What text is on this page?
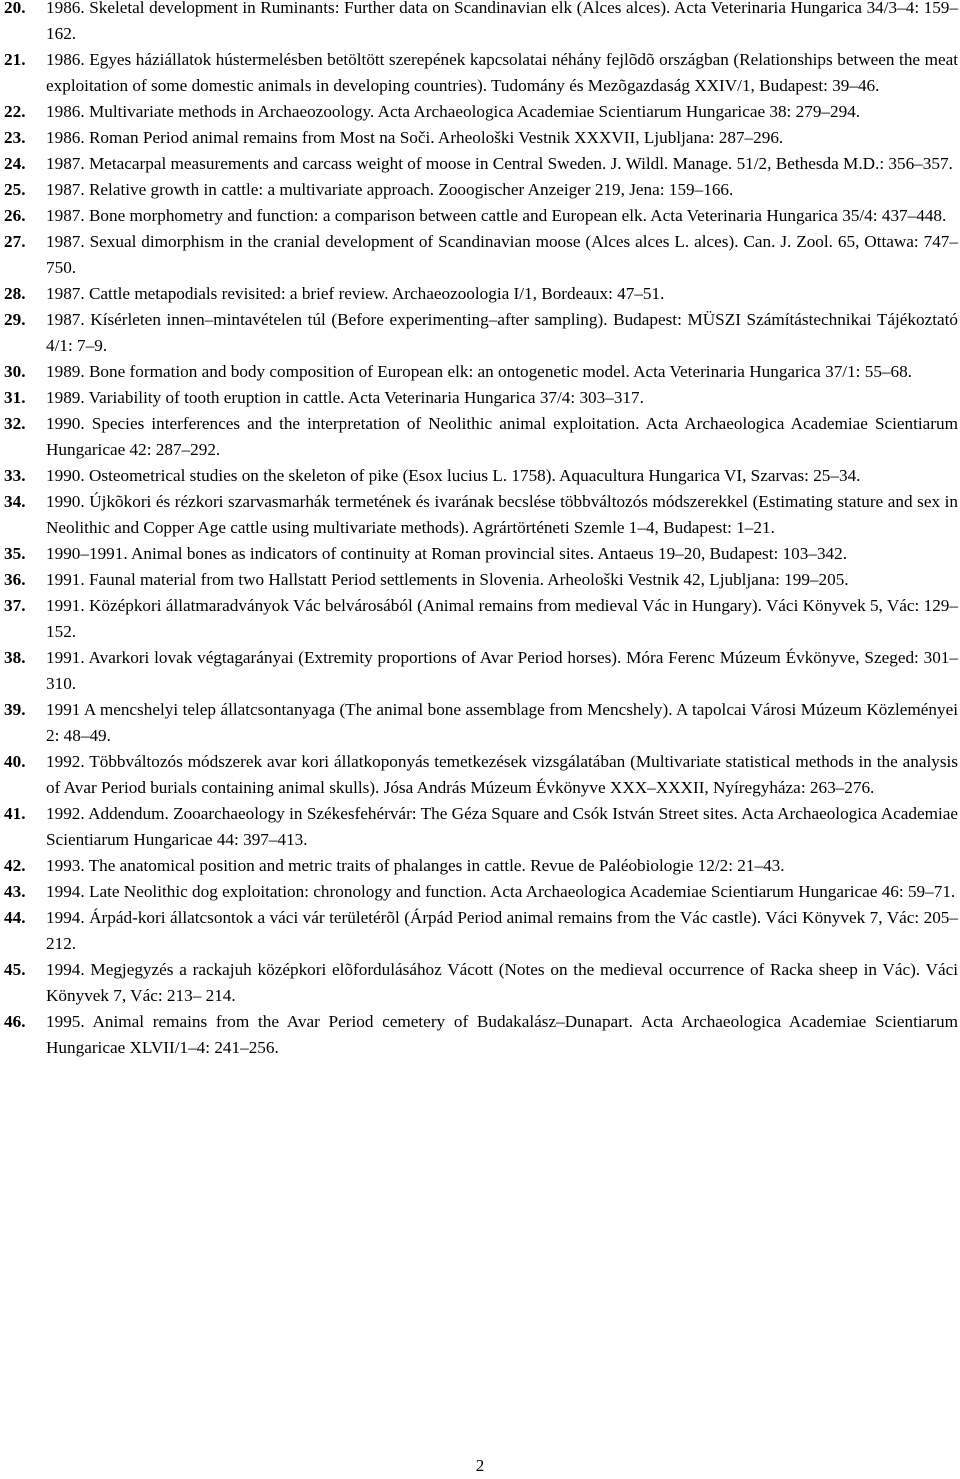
20.	1986. Skeletal development in Ruminants: Further data on Scandinavian elk (Alces alces). Acta Veterinaria Hungarica 34/3–4: 159–162.
21.	1986. Egyes háziállatok hústermelésben betöltött szerepének kapcsolatai néhány fejlõdõ országban (Relationships between the meat exploitation of some domestic animals in developing countries). Tudomány és Mezõgazdaság XXIV/1, Budapest: 39–46.
22.	1986. Multivariate methods in Archaeozoology. Acta Archaeologica Academiae Scientiarum Hungaricae 38: 279–294.
23.	1986. Roman Period animal remains from Most na Soči. Arheološki Vestnik XXXVII, Ljubljana: 287–296.
24.	1987. Metacarpal measurements and carcass weight of moose in Central Sweden. J. Wildl. Manage. 51/2, Bethesda M.D.: 356–357.
25.	1987. Relative growth in cattle: a multivariate approach. Zooogischer Anzeiger 219, Jena: 159–166.
26.	1987. Bone morphometry and function: a comparison between cattle and European elk. Acta Veterinaria Hungarica 35/4: 437–448.
27.	1987. Sexual dimorphism in the cranial development of Scandinavian moose (Alces alces L. alces). Can. J. Zool. 65, Ottawa: 747–750.
28.	1987. Cattle metapodials revisited: a brief review. Archaeozoologia I/1, Bordeaux: 47–51.
29.	1987. Kísérleten innen–mintavételen túl (Before experimenting–after sampling). Budapest: MÜSZI Számítástechnikai Tájékoztató 4/1: 7–9.
30.	1989. Bone formation and body composition of European elk: an ontogenetic model. Acta Veterinaria Hungarica 37/1: 55–68.
31.	1989. Variability of tooth eruption in cattle. Acta Veterinaria Hungarica 37/4: 303–317.
32.	1990. Species interferences and the interpretation of Neolithic animal exploitation. Acta Archaeologica Academiae Scientiarum Hungaricae 42: 287–292.
33.	1990. Osteometrical studies on the skeleton of pike (Esox lucius L. 1758). Aquacultura Hungarica VI, Szarvas: 25–34.
34.	1990. Újkõkori és rézkori szarvasmarhák termetének és ivarának becslése többváltozós módszerekkel (Estimating stature and sex in Neolithic and Copper Age cattle using multivariate methods). Agrártörténeti Szemle 1–4, Budapest: 1–21.
35.	1990–1991. Animal bones as indicators of continuity at Roman provincial sites. Antaeus 19–20, Budapest: 103–342.
36.	1991. Faunal material from two Hallstatt Period settlements in Slovenia. Arheološki Vestnik 42, Ljubljana: 199–205.
37.	1991. Középkori állatmaradványok Vác belvárosából (Animal remains from medieval Vác in Hungary). Váci Könyvek 5, Vác: 129–152.
38.	1991. Avarkori lovak végtagarányai (Extremity proportions of Avar Period horses). Móra Ferenc Múzeum Évkönyve, Szeged: 301–310.
39.	1991 A mencshelyi telep állatcsontanyaga (The animal bone assemblage from Mencshely). A tapolcai Városi Múzeum Közleményei 2: 48–49.
40.	1992. Többváltozós módszerek avar kori állatkoponyás temetkezések vizsgálatában (Multivariate statistical methods in the analysis of Avar Period burials containing animal skulls). Jósa András Múzeum Évkönyve XXX–XXXII, Nyíregyháza: 263–276.
41.	1992. Addendum. Zooarchaeology in Székesfehérvár: The Géza Square and Csók István Street sites. Acta Archaeologica Academiae Scientiarum Hungaricae 44: 397–413.
42.	1993. The anatomical position and metric traits of phalanges in cattle. Revue de Paléobiologie 12/2: 21–43.
43.	1994. Late Neolithic dog exploitation: chronology and function. Acta Archaeologica Academiae Scientiarum Hungaricae 46: 59–71.
44.	1994. Árpád-kori állatcsontok a váci vár területérõl (Árpád Period animal remains from the Vác castle). Váci Könyvek 7, Vác: 205–212.
45.	1994. Megjegyzés a rackajuh középkori elõfordulásához Vácott (Notes on the medieval occurrence of Racka sheep in Vác). Váci Könyvek 7, Vác: 213– 214.
46.	1995. Animal remains from the Avar Period cemetery of Budakalász–Dunapart. Acta Archaeologica Academiae Scientiarum Hungaricae XLVII/1–4: 241–256.
2
